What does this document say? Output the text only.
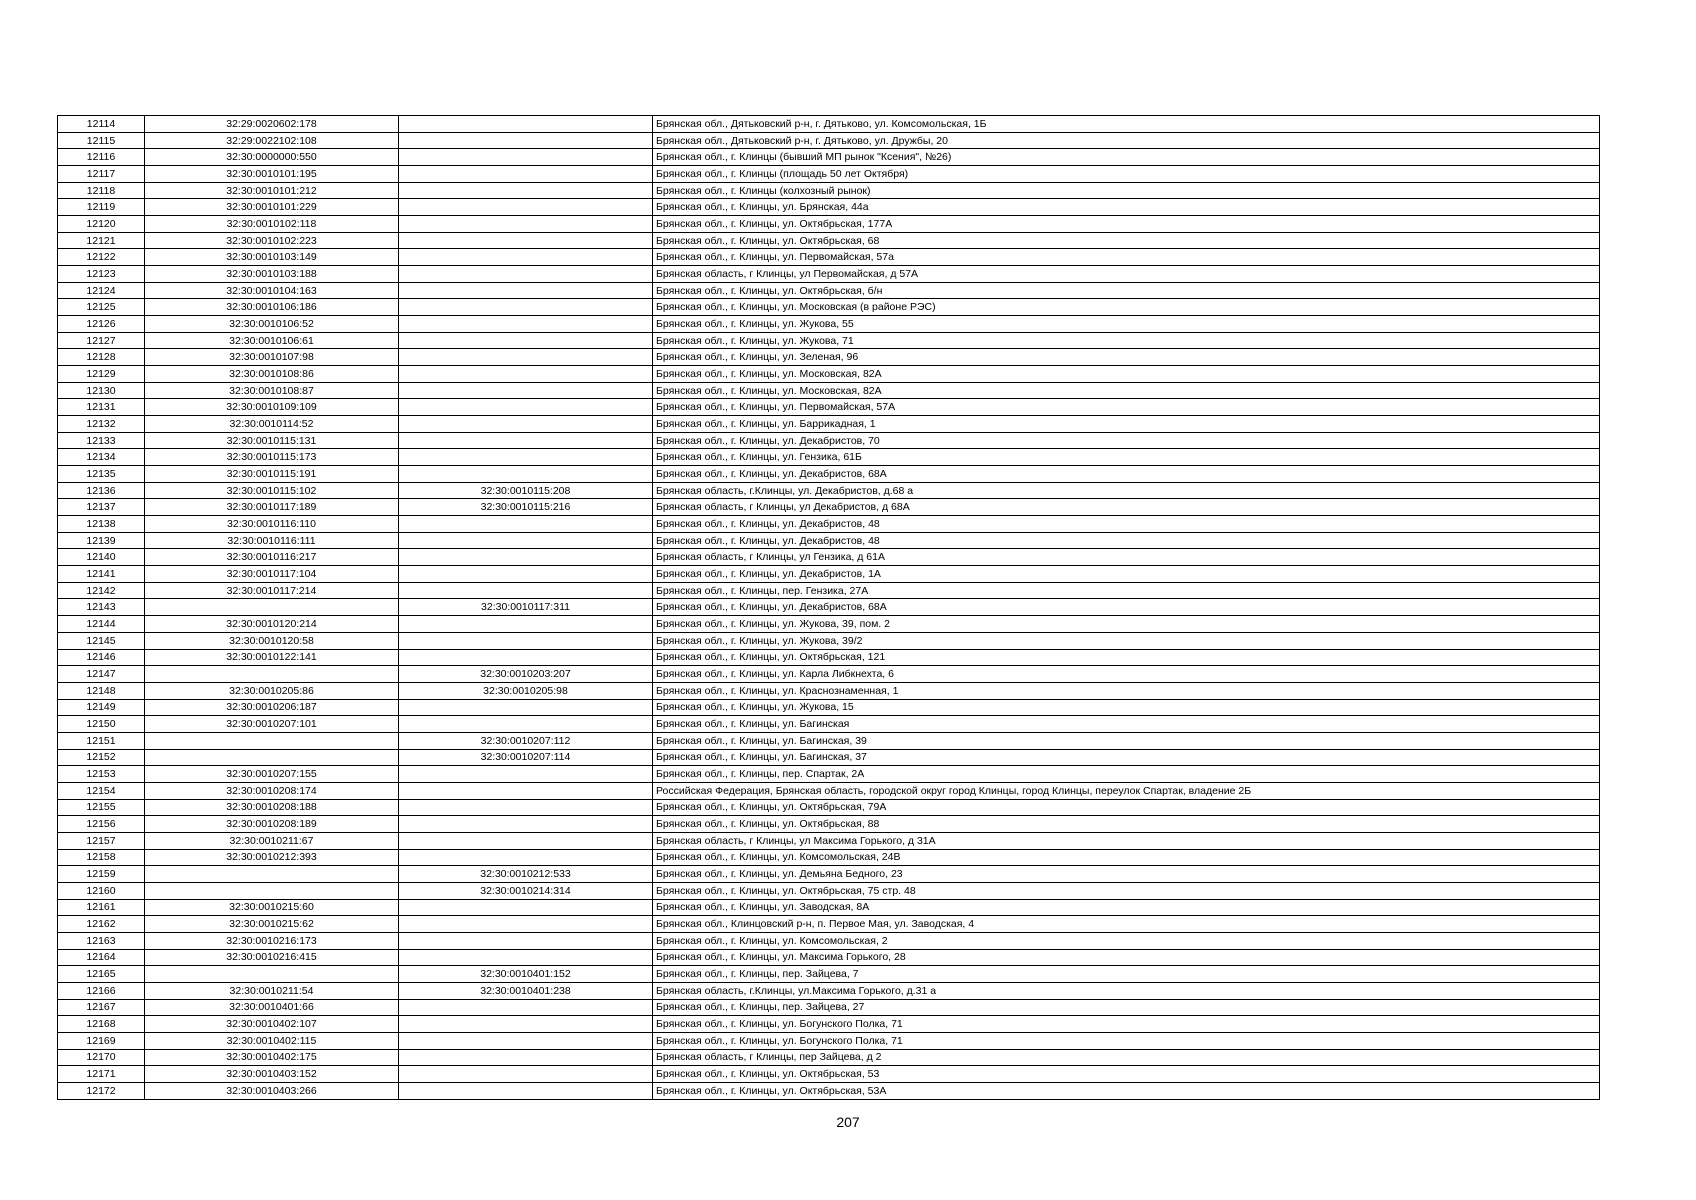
12114	32:29:0020602:178		Брянская обл., Дятьковский р-н, г. Дятьково, ул. Комсомольская, 1Б
12115	32:29:0022102:108		Брянская обл., Дятьковский р-н, г. Дятьково, ул. Дружбы, 20
12116	32:30:0000000:550		Брянская обл., г. Клинцы (бывший МП рынок "Ксения", №26)
12117	32:30:0010101:195		Брянская обл., г. Клинцы (площадь 50 лет Октября)
12118	32:30:0010101:212		Брянская обл., г. Клинцы (колхозный рынок)
12119	32:30:0010101:229		Брянская обл., г. Клинцы, ул. Брянская, 44а
12120	32:30:0010102:118		Брянская обл., г. Клинцы, ул. Октябрьская, 177А
12121	32:30:0010102:223		Брянская обл., г. Клинцы, ул. Октябрьская, 68
12122	32:30:0010103:149		Брянская обл., г. Клинцы, ул. Первомайская, 57а
12123	32:30:0010103:188		Брянская область, г Клинцы, ул Первомайская, д 57А
12124	32:30:0010104:163		Брянская обл., г. Клинцы, ул. Октябрьская, б/н
12125	32:30:0010106:186		Брянская обл., г. Клинцы, ул. Московская (в районе РЭС)
12126	32:30:0010106:52		Брянская обл., г. Клинцы, ул. Жукова, 55
12127	32:30:0010106:61		Брянская обл., г. Клинцы, ул. Жукова, 71
12128	32:30:0010107:98		Брянская обл., г. Клинцы, ул. Зеленая, 96
12129	32:30:0010108:86		Брянская обл., г. Клинцы, ул. Московская, 82А
12130	32:30:0010108:87		Брянская обл., г. Клинцы, ул. Московская, 82А
12131	32:30:0010109:109		Брянская обл., г. Клинцы, ул. Первомайская, 57А
12132	32:30:0010114:52		Брянская обл., г. Клинцы, ул. Баррикадная, 1
12133	32:30:0010115:131		Брянская обл., г. Клинцы, ул. Декабристов, 70
12134	32:30:0010115:173		Брянская обл., г. Клинцы, ул. Гензика, 61Б
12135	32:30:0010115:191		Брянская обл., г. Клинцы, ул. Декабристов, 68А
12136	32:30:0010115:102	32:30:0010115:208	Брянская область, г.Клинцы, ул. Декабристов, д.68 а
12137	32:30:0010117:189	32:30:0010115:216	Брянская область, г Клинцы, ул Декабристов, д 68А
12138	32:30:0010116:110		Брянская обл., г. Клинцы, ул. Декабристов, 48
12139	32:30:0010116:111		Брянская обл., г. Клинцы, ул. Декабристов, 48
12140	32:30:0010116:217		Брянская область, г Клинцы, ул Гензика, д 61А
12141	32:30:0010117:104		Брянская обл., г. Клинцы, ул. Декабристов, 1А
12142	32:30:0010117:214		Брянская обл., г. Клинцы, пер. Гензика, 27А
12143		32:30:0010117:311	Брянская обл., г. Клинцы, ул. Декабристов, 68А
12144	32:30:0010120:214		Брянская обл., г. Клинцы, ул. Жукова, 39, пом. 2
12145	32:30:0010120:58		Брянская обл., г. Клинцы, ул. Жукова, 39/2
12146	32:30:0010122:141		Брянская обл., г. Клинцы, ул. Октябрьская, 121
12147		32:30:0010203:207	Брянская обл., г. Клинцы, ул. Карла Либкнехта, 6
12148	32:30:0010205:86	32:30:0010205:98	Брянская обл., г. Клинцы, ул. Краснознаменная, 1
12149	32:30:0010206:187		Брянская обл., г. Клинцы, ул. Жукова, 15
12150	32:30:0010207:101		Брянская обл., г. Клинцы, ул. Багинская
12151		32:30:0010207:112	Брянская обл., г. Клинцы, ул. Багинская, 39
12152		32:30:0010207:114	Брянская обл., г. Клинцы, ул. Багинская, 37
12153	32:30:0010207:155		Брянская обл., г. Клинцы, пер. Спартак, 2А
12154	32:30:0010208:174		Российская Федерация, Брянская область, городской округ город Клинцы, город Клинцы, переулок Спартак, владение 2Б
12155	32:30:0010208:188		Брянская обл., г. Клинцы, ул. Октябрьская, 79А
12156	32:30:0010208:189		Брянская обл., г. Клинцы, ул. Октябрьская, 88
12157	32:30:0010211:67		Брянская область, г Клинцы, ул Максима Горького, д 31А
12158	32:30:0010212:393		Брянская обл., г. Клинцы, ул. Комсомольская, 24В
12159		32:30:0010212:533	Брянская обл., г. Клинцы, ул. Демьяна Бедного, 23
12160		32:30:0010214:314	Брянская обл., г. Клинцы, ул. Октябрьская, 75 стр. 48
12161	32:30:0010215:60		Брянская обл., г. Клинцы, ул. Заводская, 8А
12162	32:30:0010215:62		Брянская обл., Клинцовский р-н, п. Первое Мая, ул. Заводская, 4
12163	32:30:0010216:173		Брянская обл., г. Клинцы, ул. Комсомольская, 2
12164	32:30:0010216:415		Брянская обл., г. Клинцы, ул. Максима Горького, 28
12165		32:30:0010401:152	Брянская обл., г. Клинцы, пер. Зайцева, 7
12166	32:30:0010211:54	32:30:0010401:238	Брянская область, г.Клинцы, ул.Максима Горького, д.31 а
12167	32:30:0010401:66		Брянская обл., г. Клинцы, пер. Зайцева, 27
12168	32:30:0010402:107		Брянская обл., г. Клинцы, ул. Богунского Полка, 71
12169	32:30:0010402:115		Брянская обл., г. Клинцы, ул. Богунского Полка, 71
12170	32:30:0010402:175		Брянская область, г Клинцы, пер Зайцева, д 2
12171	32:30:0010403:152		Брянская обл., г. Клинцы, ул. Октябрьская, 53
12172	32:30:0010403:266		Брянская обл., г. Клинцы, ул. Октябрьская, 53А
207
